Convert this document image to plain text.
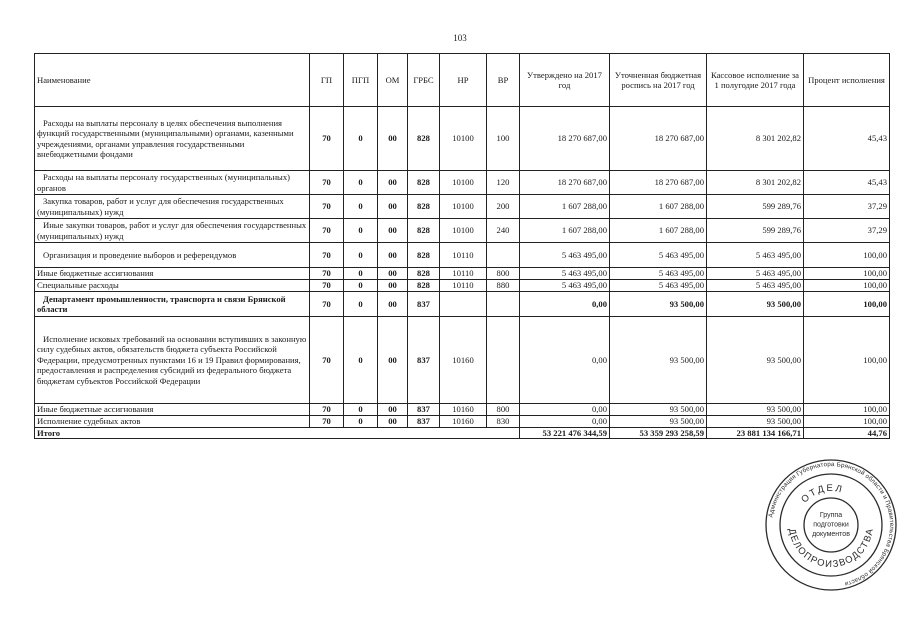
103
Наименование	ГП	ПГП	ОМ	ГРБС	НР	ВР	Утверждено на 2017 год	Уточненная бюджетная роспись на 2017 год	Кассовое исполнение за 1 полугодие 2017 года	Процент исполнения
Расходы на выплаты персоналу в целях обеспечения выполнения функций государственными (муниципальными) органами, казенными учреждениями, органами управления государственными внебюджетными фондами	70	0	00	828	10100	100	18 270 687,00	18 270 687,00	8 301 202,82	45,43
Расходы на выплаты персоналу государственных (муниципальных) органов	70	0	00	828	10100	120	18 270 687,00	18 270 687,00	8 301 202,82	45,43
Закупка товаров, работ и услуг для обеспечения государственных (муниципальных) нужд	70	0	00	828	10100	200	1 607 288,00	1 607 288,00	599 289,76	37,29
Иные закупки товаров, работ и услуг для обеспечения государственных (муниципальных) нужд	70	0	00	828	10100	240	1 607 288,00	1 607 288,00	599 289,76	37,29
Организация и проведение выборов и референдумов	70	0	00	828	10110		5 463 495,00	5 463 495,00	5 463 495,00	100,00
Иные бюджетные ассигнования	70	0	00	828	10110	800	5 463 495,00	5 463 495,00	5 463 495,00	100,00
Специальные расходы	70	0	00	828	10110	880	5 463 495,00	5 463 495,00	5 463 495,00	100,00
Департамент промышленности, транспорта и связи Брянской области	70	0	00	837			0,00	93 500,00	93 500,00	100,00
Исполнение исковых требований на основании вступивших в законную силу судебных актов, обязательств бюджета субъекта Российской Федерации, предусмотренных пунктами 16 и 19 Правил формирования, предоставления и распределения субсидий из федерального бюджета бюджетам субъектов Российской Федерации	70	0	00	837	10160		0,00	93 500,00	93 500,00	100,00
Иные бюджетные ассигнования	70	0	00	837	10160	800	0,00	93 500,00	93 500,00	100,00
Исполнение судебных актов	70	0	00	837	10160	830	0,00	93 500,00	93 500,00	100,00
Итого							53 221 476 344,59	53 359 293 258,59	23 881 134 166,71	44,76
Администрация Губернатора Брянской области и Правительства Брянской области
ОТДЕЛ
ДЕЛОПРОИЗВОДСТВА
Группа
подготовки
документов
